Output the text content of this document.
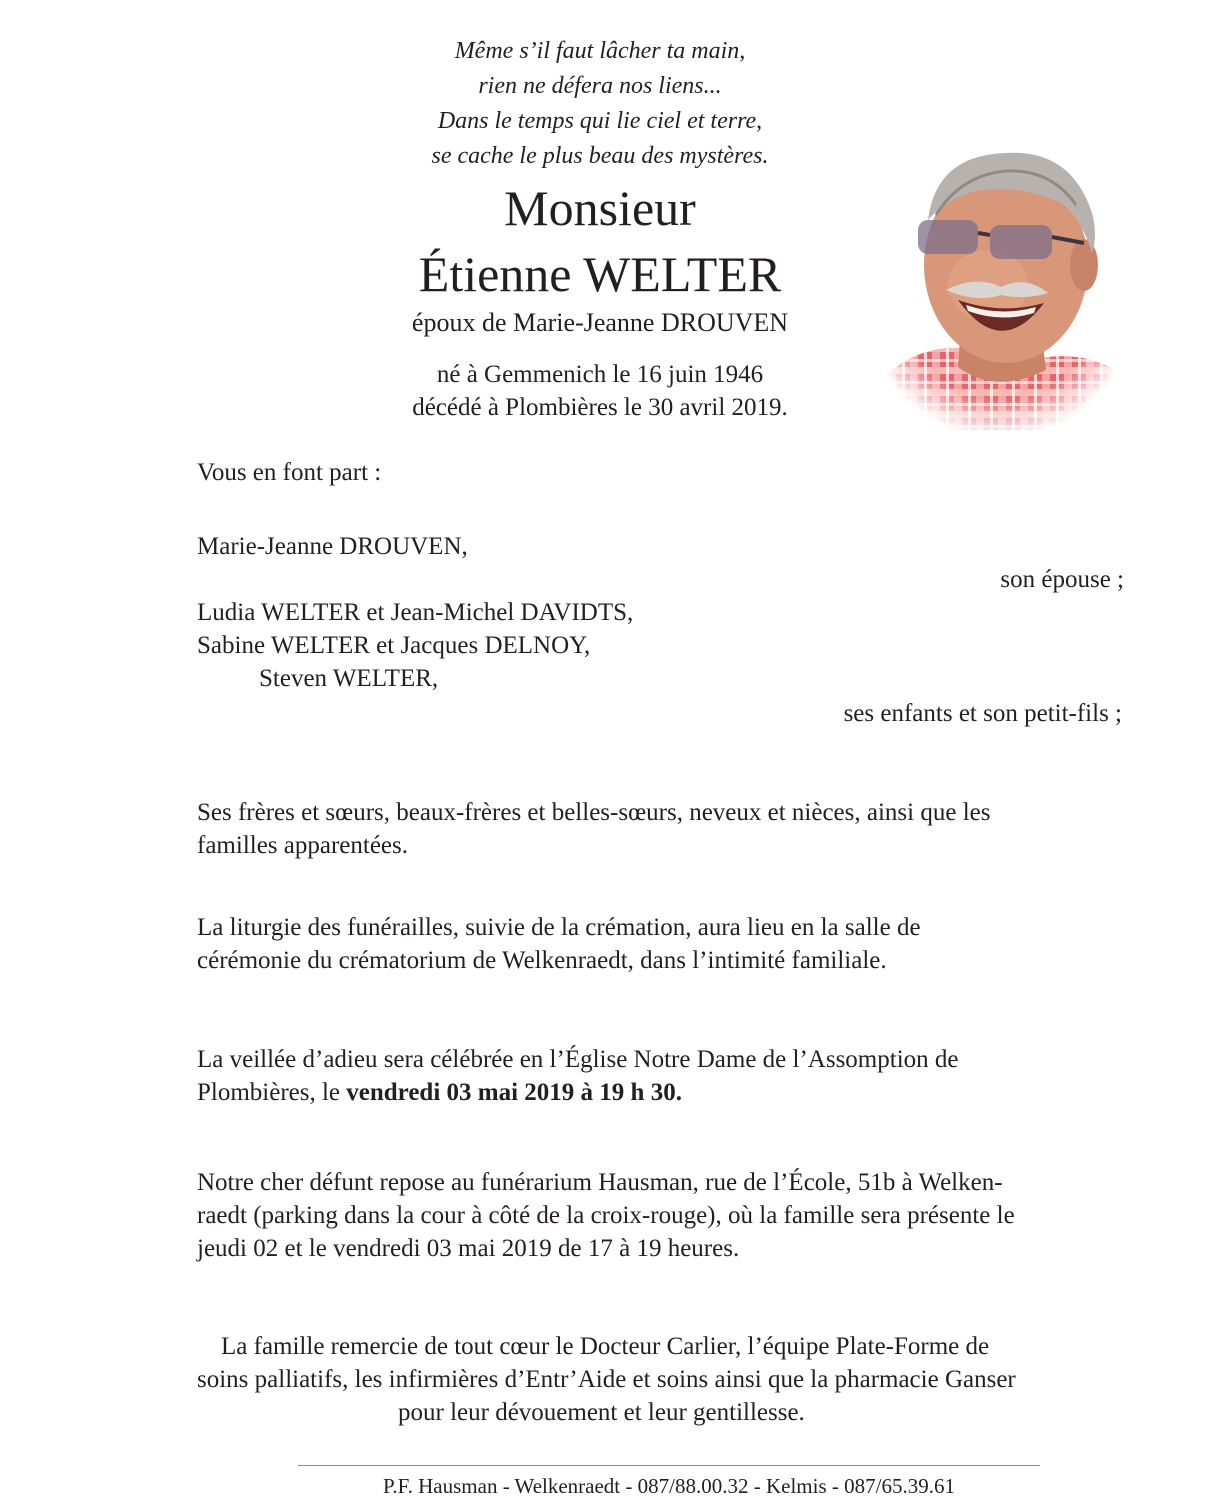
Même s’il faut lâcher ta main,
rien ne défera nos liens...
Dans le temps qui lie ciel et terre,
se cache le plus beau des mystères.
Monsieur
Étienne WELTER
époux de Marie-Jeanne DROUVEN
né à Gemmenich le 16 juin 1946
décédé à Plombières le 30 avril 2019.
Vous en font part :
Marie-Jeanne DROUVEN,
son épouse ;
Ludia WELTER et Jean-Michel DAVIDTS,
Sabine WELTER et Jacques DELNOY,
Steven WELTER,
ses enfants et son petit-fils ;
Ses frères et sœurs, beaux-frères et belles-sœurs, neveux et nièces, ainsi que les
familles apparentées.
La liturgie des funérailles, suivie de la crémation, aura lieu en la salle de
cérémonie du crématorium de Welkenraedt, dans l’intimité familiale.
La veillée d’adieu sera célébrée en l’Église Notre Dame de l’Assomption de
Plombières, le vendredi 03 mai 2019 à 19 h 30.
Notre cher défunt repose au funérarium Hausman, rue de l’École, 51b à Welken-
raedt (parking dans la cour à côté de la croix-rouge), où la famille sera présente le
jeudi 02 et le vendredi 03 mai 2019 de 17 à 19 heures.
La famille remercie de tout cœur le Docteur Carlier, l’équipe Plate-Forme de
soins palliatifs, les infirmières d’Entr’Aide et soins ainsi que la pharmacie Ganser
pour leur dévouement et leur gentillesse.
P.F. Hausman - Welkenraedt - 087/88.00.32 - Kelmis - 087/65.39.61
